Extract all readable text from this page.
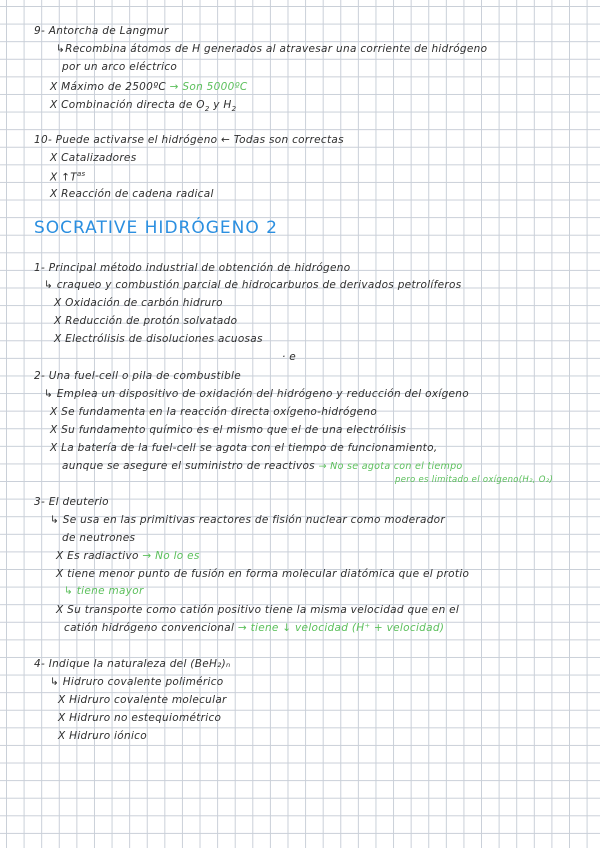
9- Antorcha de Langmur
↳Recombina átomos de H generados al atravesar una corriente de hidrógeno
por un arco eléctrico
X Máximo de 2500ºC → Son 5000ºC
X Combinación directa de $O_2$ y $H_2$
10- Puede activarse el hidrógeno ← Todas son correctas
X Catalizadores
X $↑T^{as}$
X Reacción de cadena radical
SOCRATIVE HIDRÓGENO 2
1- Principal método industrial de obtención de hidrógeno
↳ craqueo y combustión parcial de hidrocarburos de derivados petrolíferos
X Oxidación de carbón hidruro
X Reducción de protón solvatado
X Electrólisis de disoluciones acuosas
· e
2- Una fuel-cell o pila de combustible
↳ Emplea un dispositivo de oxidación del hidrógeno y reducción del oxígeno
X Se fundamenta en la reacción directa oxígeno-hidrógeno
X Su fundamento químico es el mismo que el de una electrólisis
X La batería de la fuel-cell se agota con el tiempo de funcionamiento,
aunque se asegure el suministro de reactivos → No se agota con el tiempo
pero es limitado el oxígeno(H₂, O₂)
3- El deuterio
↳ Se usa en las primitivas reactores de fisión nuclear como moderador
de neutrones
X Es radiactivo → No lo es
X tiene menor punto de fusión en forma molecular diatómica que el protio
↳ tiene mayor
X Su transporte como catión positivo tiene la misma velocidad que en el
catión hidrógeno convencional → tiene ↓ velocidad (H⁺ + velocidad)
4- Indique la naturaleza del (BeH₂)ₙ
↳ Hidruro covalente polimérico
X Hidruro covalente molecular
X Hidruro no estequiométrico
X Hidruro iónico
